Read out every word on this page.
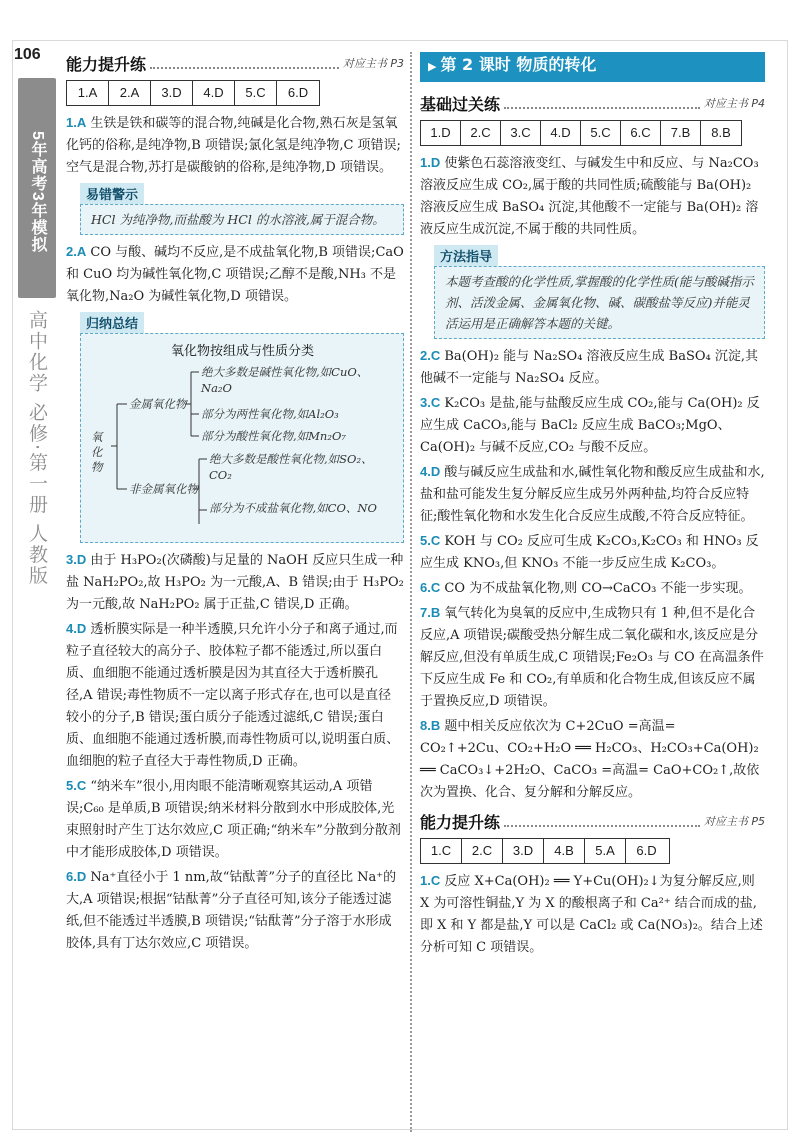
106
5年高考3年模拟
高中化学 必修·第一册 人教版
能力提升练	对应主书 P3
1.A	2.A	3.D	4.D	5.C	6.D

1.A 生铁是铁和碳等的混合物,纯碱是化合物,熟石灰是氢氧化钙的俗称,是纯净物,B 项错误;氯化氢是纯净物,C 项错误;空气是混合物,苏打是碳酸钠的俗称,是纯净物,D 项错误。

易错警示
HCl 为纯净物,而盐酸为 HCl 的水溶液,属于混合物。

2.A CO 与酸、碱均不反应,是不成盐氧化物,B 项错误;CaO 和 CuO 均为碱性氧化物,C 项错误;乙醇不是酸,NH₃ 不是氧化物,Na₂O 为碱性氧化物,D 项错误。

归纳总结
氧化物按组成与性质分类
氧化物
金属氧化物
绝大多数是碱性氧化物,如CuO、Na₂O
部分为两性氧化物,如Al₂O₃
部分为酸性氧化物,如Mn₂O₇
非金属氧化物
绝大多数是酸性氧化物,如SO₂、CO₂
部分为不成盐氧化物,如CO、NO

3.D 由于 H₃PO₂(次磷酸)与足量的 NaOH 反应只生成一种盐 NaH₂PO₂,故 H₃PO₂ 为一元酸,A、B 错误;由于 H₃PO₂ 为一元酸,故 NaH₂PO₂ 属于正盐,C 错误,D 正确。

4.D 透析膜实际是一种半透膜,只允许小分子和离子通过,而粒子直径较大的高分子、胶体粒子都不能透过,所以蛋白质、血细胞不能通过透析膜是因为其直径大于透析膜孔径,A 错误;毒性物质不一定以离子形式存在,也可以是直径较小的分子,B 错误;蛋白质分子能透过滤纸,C 错误;蛋白质、血细胞不能通过透析膜,而毒性物质可以,说明蛋白质、血细胞的粒子直径大于毒性物质,D 正确。

5.C “纳米车”很小,用肉眼不能清晰观察其运动,A 项错误;C₆₀ 是单质,B 项错误;纳米材料分散到水中形成胶体,光束照射时产生丁达尔效应,C 项正确;“纳米车”分散到分散剂中才能形成胶体,D 项错误。

6.D Na⁺直径小于 1 nm,故“钴酞菁”分子的直径比 Na⁺的大,A 项错误;根据“钴酞菁”分子直径可知,该分子能透过滤纸,但不能透过半透膜,B 项错误;“钴酞菁”分子溶于水形成胶体,具有丁达尔效应,C 项错误。

▶ 第 2 课时 物质的转化
基础过关练	对应主书 P4
1.D	2.C	3.C	4.D	5.C	6.C	7.B	8.B

1.D 使紫色石蕊溶液变红、与碱发生中和反应、与 Na₂CO₃ 溶液反应生成 CO₂,属于酸的共同性质;硫酸能与 Ba(OH)₂ 溶液反应生成 BaSO₄ 沉淀,其他酸不一定能与 Ba(OH)₂ 溶液反应生成沉淀,不属于酸的共同性质。

方法指导
本题考查酸的化学性质,掌握酸的化学性质(能与酸碱指示剂、活泼金属、金属氧化物、碱、碳酸盐等反应)并能灵活运用是正确解答本题的关键。

2.C Ba(OH)₂ 能与 Na₂SO₄ 溶液反应生成 BaSO₄ 沉淀,其他碱不一定能与 Na₂SO₄ 反应。

3.C K₂CO₃ 是盐,能与盐酸反应生成 CO₂,能与 Ca(OH)₂ 反应生成 CaCO₃,能与 BaCl₂ 反应生成 BaCO₃;MgO、Ca(OH)₂ 与碱不反应,CO₂ 与酸不反应。

4.D 酸与碱反应生成盐和水,碱性氧化物和酸反应生成盐和水,盐和盐可能发生复分解反应生成另外两种盐,均符合反应特征;酸性氧化物和水发生化合反应生成酸,不符合反应特征。

5.C KOH 与 CO₂ 反应可生成 K₂CO₃,K₂CO₃ 和 HNO₃ 反应生成 KNO₃,但 KNO₃ 不能一步反应生成 K₂CO₃。

6.C CO 为不成盐氧化物,则 CO→CaCO₃ 不能一步实现。

7.B 氧气转化为臭氧的反应中,生成物只有 1 种,但不是化合反应,A 项错误;碳酸受热分解生成二氧化碳和水,该反应是分解反应,但没有单质生成,C 项错误;Fe₂O₃ 与 CO 在高温条件下反应生成 Fe 和 CO₂,有单质和化合物生成,但该反应不属于置换反应,D 项错误。

8.B 题中相关反应依次为 C+2CuO =高温= CO₂↑+2Cu、CO₂+H₂O ══ H₂CO₃、H₂CO₃+Ca(OH)₂ ══ CaCO₃↓+2H₂O、CaCO₃ =高温= CaO+CO₂↑,故依次为置换、化合、复分解和分解反应。

能力提升练	对应主书 P5
1.C	2.C	3.D	4.B	5.A	6.D

1.C 反应 X+Ca(OH)₂ ══ Y+Cu(OH)₂↓为复分解反应,则 X 为可溶性铜盐,Y 为 X 的酸根离子和 Ca²⁺ 结合而成的盐,即 X 和 Y 都是盐,Y 可以是 CaCl₂ 或 Ca(NO₃)₂。结合上述分析可知 C 项错误。
